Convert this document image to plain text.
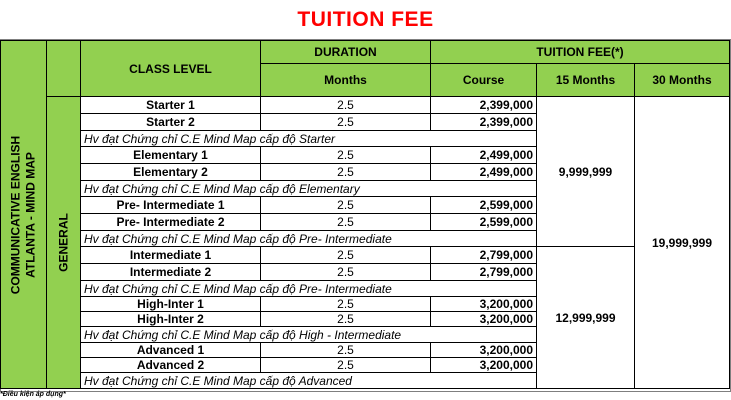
TUITION FEE
COMMUNICATIVE ENGLISH
ATLANTA - MIND MAP		CLASS LEVEL	DURATION	TUITION FEE(*)		
			Months	Course	15 Months	30 Months

	GENERAL	Starter 1	2.5	2,399,000	9,999,999	19,999,999
		Starter 2	2.5	2,399,000		
		Hv đạt Chứng chỉ C.E Mind Map cấp độ Starter				
		Elementary 1	2.5	2,499,000		
		Elementary 2	2.5	2,499,000		
		Hv đạt Chứng chỉ C.E Mind Map cấp độ Elementary				
		Pre- Intermediate 1	2.5	2,599,000		
		Pre- Intermediate 2	2.5	2,599,000		
		Hv đạt Chứng chỉ C.E Mind Map cấp độ Pre- Intermediate				
		Intermediate 1	2.5	2,799,000	12,999,999	
		Intermediate 2	2.5	2,799,000		
		Hv đạt Chứng chỉ C.E Mind Map cấp độ Pre- Intermediate				
		High-Inter 1	2.5	3,200,000		
		High-Inter 2	2.5	3,200,000		
		Hv đạt Chứng chỉ C.E Mind Map cấp độ High - Intermediate				
		Advanced 1	2.5	3,200,000		
		Advanced 2	2.5	3,200,000		
		Hv đạt Chứng chỉ C.E Mind Map cấp độ Advanced				
*Điều kiện áp dụng*
